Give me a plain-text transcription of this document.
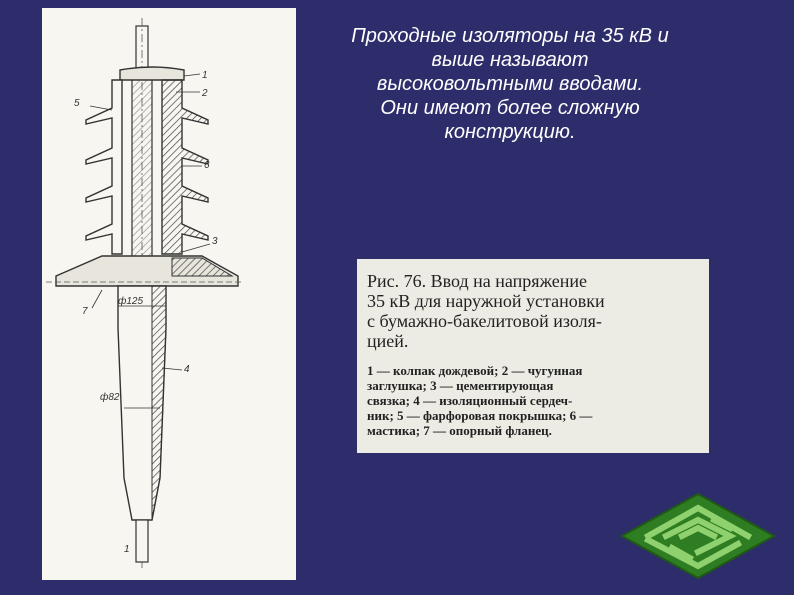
1
2
6
3
4
5
7
ф125
ф82
1
Проходные изоляторы на 35 кВ и
выше называют
высоковольтными вводами.
Они имеют более сложную
конструкцию.
Рис. 76. Ввод на напряжение
35 кВ для наружной установки
с бумажно-бакелитовой изоля-
цией.
1 — колпак дождевой; 2 — чугунная
заглушка; 3 — цементирующая
связка; 4 — изоляционный сердеч-
ник; 5 — фарфоровая покрышка; 6 —
мастика; 7 — опорный фланец.
